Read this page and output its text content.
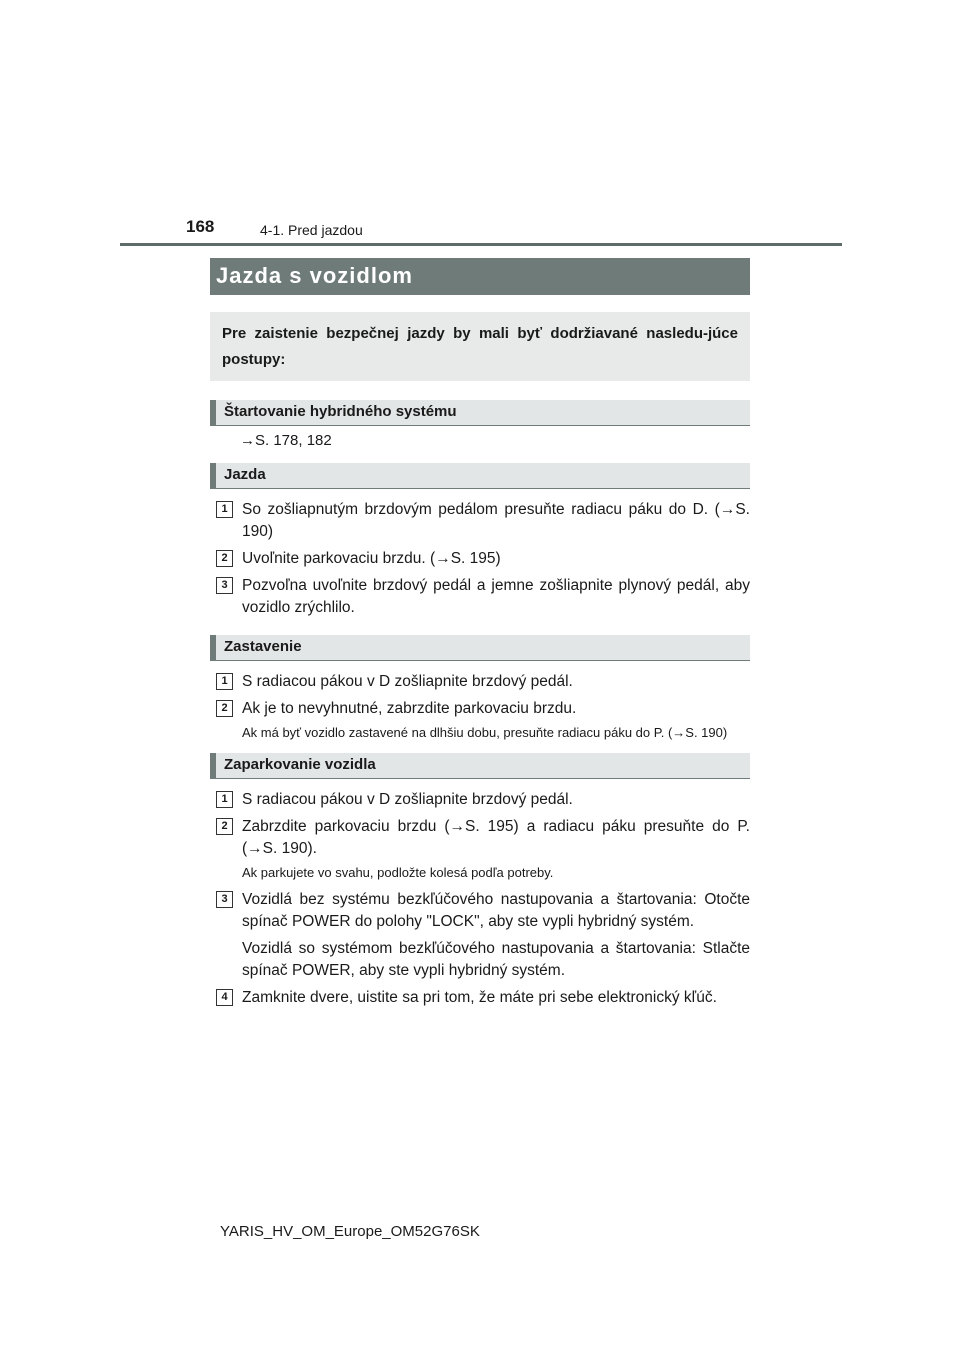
168	4-1. Pred jazdou
Jazda s vozidlom
Pre zaistenie bezpečnej jazdy by mali byť dodržiavané nasledu-júce postupy:
Štartovanie hybridného systému
→S. 178, 182
Jazda
1 So zošliapnutým brzdovým pedálom presuňte radiacu páku do D. (→S. 190)
2 Uvoľnite parkovaciu brzdu. (→S. 195)
3 Pozvoľna uvoľnite brzdový pedál a jemne zošliapnite plynový pedál, aby vozidlo zrýchlilo.
Zastavenie
1 S radiacou pákou v D zošliapnite brzdový pedál.
2 Ak je to nevyhnutné, zabrzdite parkovaciu brzdu.
Ak má byť vozidlo zastavené na dlhšiu dobu, presuňte radiacu páku do P. (→S. 190)
Zaparkovanie vozidla
1 S radiacou pákou v D zošliapnite brzdový pedál.
2 Zabrzdite parkovaciu brzdu (→S. 195) a radiacu páku presuňte do P. (→S. 190).
Ak parkujete vo svahu, podložte kolesá podľa potreby.
3 Vozidlá bez systému bezkľúčového nastupovania a štartovania: Otočte spínač POWER do polohy "LOCK", aby ste vypli hybridný systém.
Vozidlá so systémom bezkľúčového nastupovania a štartovania: Stlačte spínač POWER, aby ste vypli hybridný systém.
4 Zamknite dvere, uistite sa pri tom, že máte pri sebe elektronický kľúč.
YARIS_HV_OM_Europe_OM52G76SK
